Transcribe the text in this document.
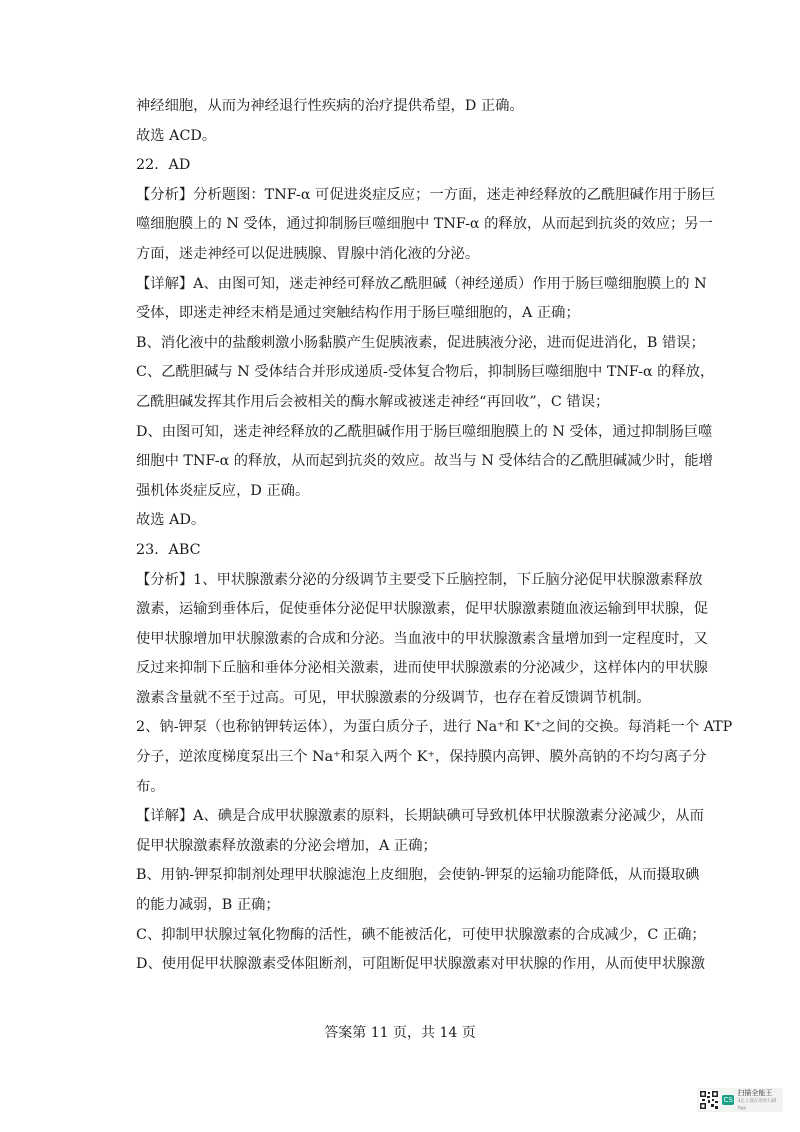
神经细胞，从而为神经退行性疾病的治疗提供希望，D 正确。
故选 ACD。
22．AD
【分析】分析题图：TNF-α 可促进炎症反应；一方面，迷走神经释放的乙酰胆碱作用于肠巨
噬细胞膜上的 N 受体，通过抑制肠巨噬细胞中 TNF-α 的释放，从而起到抗炎的效应；另一
方面，迷走神经可以促进胰腺、胃腺中消化液的分泌。
【详解】A、由图可知，迷走神经可释放乙酰胆碱（神经递质）作用于肠巨噬细胞膜上的 N
受体，即迷走神经末梢是通过突触结构作用于肠巨噬细胞的，A 正确；
B、消化液中的盐酸刺激小肠黏膜产生促胰液素，促进胰液分泌，进而促进消化，B 错误；
C、乙酰胆碱与 N 受体结合并形成递质-受体复合物后，抑制肠巨噬细胞中 TNF-α 的释放，
乙酰胆碱发挥其作用后会被相关的酶水解或被迷走神经“再回收”，C 错误；
D、由图可知，迷走神经释放的乙酰胆碱作用于肠巨噬细胞膜上的 N 受体，通过抑制肠巨噬
细胞中 TNF-α 的释放，从而起到抗炎的效应。故当与 N 受体结合的乙酰胆碱减少时，能增
强机体炎症反应，D 正确。
故选 AD。
23．ABC
【分析】1、甲状腺激素分泌的分级调节主要受下丘脑控制，下丘脑分泌促甲状腺激素释放
激素，运输到垂体后，促使垂体分泌促甲状腺激素，促甲状腺激素随血液运输到甲状腺，促
使甲状腺增加甲状腺激素的合成和分泌。当血液中的甲状腺激素含量增加到一定程度时，又
反过来抑制下丘脑和垂体分泌相关激素，进而使甲状腺激素的分泌减少，这样体内的甲状腺
激素含量就不至于过高。可见，甲状腺激素的分级调节，也存在着反馈调节机制。
2、钠-钾泵（也称钠钾转运体），为蛋白质分子，进行 Na⁺和 K⁺之间的交换。每消耗一个 ATP
分子，逆浓度梯度泵出三个 Na⁺和泵入两个 K⁺，保持膜内高钾、膜外高钠的不均匀离子分
布。
【详解】A、碘是合成甲状腺激素的原料，长期缺碘可导致机体甲状腺激素分泌减少，从而
促甲状腺激素释放激素的分泌会增加，A 正确；
B、用钠-钾泵抑制剂处理甲状腺滤泡上皮细胞，会使钠-钾泵的运输功能降低，从而摄取碘
的能力减弱，B 正确；
C、抑制甲状腺过氧化物酶的活性，碘不能被活化，可使甲状腺激素的合成减少，C 正确；
D、使用促甲状腺激素受体阻断剂，可阻断促甲状腺激素对甲状腺的作用，从而使甲状腺激
答案第 11 页，共 14 页
CS
扫描全能王
3亿人都在用的扫描App
